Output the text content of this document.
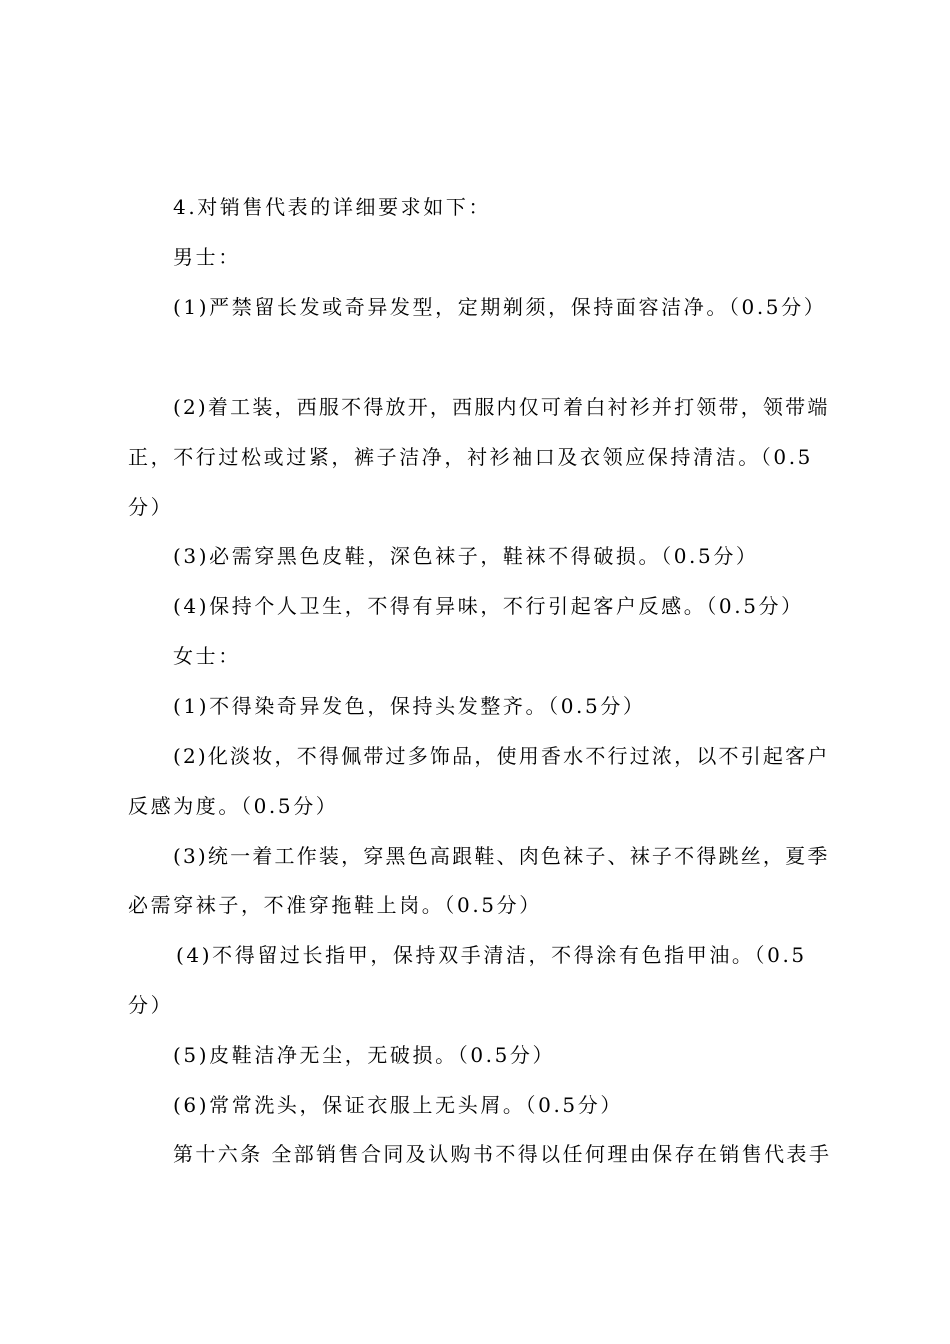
4.对销售代表的详细要求如下：
男士：
(1)严禁留长发或奇异发型，定期剃须，保持面容洁净。（0.5分）
(2)着工装，西服不得放开，西服内仅可着白衬衫并打领带，领带端
正，不行过松或过紧，裤子洁净，衬衫袖口及衣领应保持清洁。（0.5
分）
(3)必需穿黑色皮鞋，深色袜子，鞋袜不得破损。（0.5分）
(4)保持个人卫生，不得有异味，不行引起客户反感。（0.5分）
女士：
(1)不得染奇异发色，保持头发整齐。（0.5分）
(2)化淡妆，不得佩带过多饰品，使用香水不行过浓，以不引起客户
反感为度。（0.5分）
(3)统一着工作装，穿黑色高跟鞋、肉色袜子、袜子不得跳丝，夏季
必需穿袜子，不准穿拖鞋上岗。（0.5分）
(4)不得留过长指甲，保持双手清洁，不得涂有色指甲油。（0.5
分）
(5)皮鞋洁净无尘，无破损。（0.5分）
(6)常常洗头，保证衣服上无头屑。（0.5分）
第十六条 全部销售合同及认购书不得以任何理由保存在销售代表手
